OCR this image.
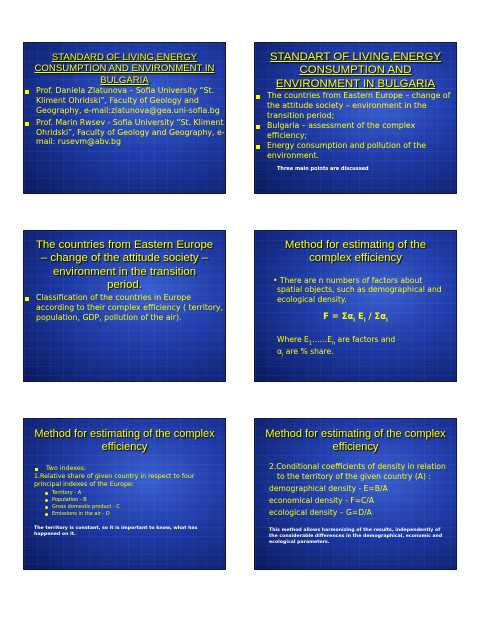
STANDARD OF LIVING,ENERGY CONSUMPTION AND ENVIRONMENT IN BULGARIA

Prof. Daniela Zlatunova – Sofia University “St. Kliment Ohridski”, Faculty of Geology and Geography, e-mail:zlatunova@gea.uni-sofia.bg
Prof. Marin Rwsev - Sofia University “St. Kliment Ohridski”, Faculty of Geology and Geography, e-mail: rusevm@abv.bg

STANDART OF LIVING,ENERGY CONSUMPTION AND ENVIRONMENT IN BULGARIA

The countries from Eastern Europe – change of the attitude society – environment in the transition period;
Bulgaria – assessment of the complex efficiency;
Energy consumption and pollution of the environment.
Three main points are discussed

The countries from Eastern Europe – change of the attitude society – environment in the transition period.

Classification of the countries in Europe according to their complex efficiency ( territory, population, GDP, pollution of the air).

Method for estimating of the complex efficiency

• There are n numbers of factors about spatial objects, such as demographical and ecological density.
$F = \Sigma\alpha_i$ $E_i / \Sigma\alpha_i$
Where $E_1\dots\dots E_n$ are factors and
$\alpha_i$ are % share.

Method for estimating of the complex efficiency

Two indexes:
1.Relative share of given country in respect to four principal indexes of the Europe:
Territory - A
Population - B
Gross domestic product - C
Emissions in the air - D
The territory is constant, so it is important to know, what has happened on it.

Method for estimating of the complex efficiency

2.Conditional coefficients of density in relation to the territory of the given country (A) :
demographical density - E=B/A
economical density - F=C/A
ecological density – G=D/A
This method allows harmonizing of the results, independently of the considerable differences in the demographical, economic and ecological parameters.
